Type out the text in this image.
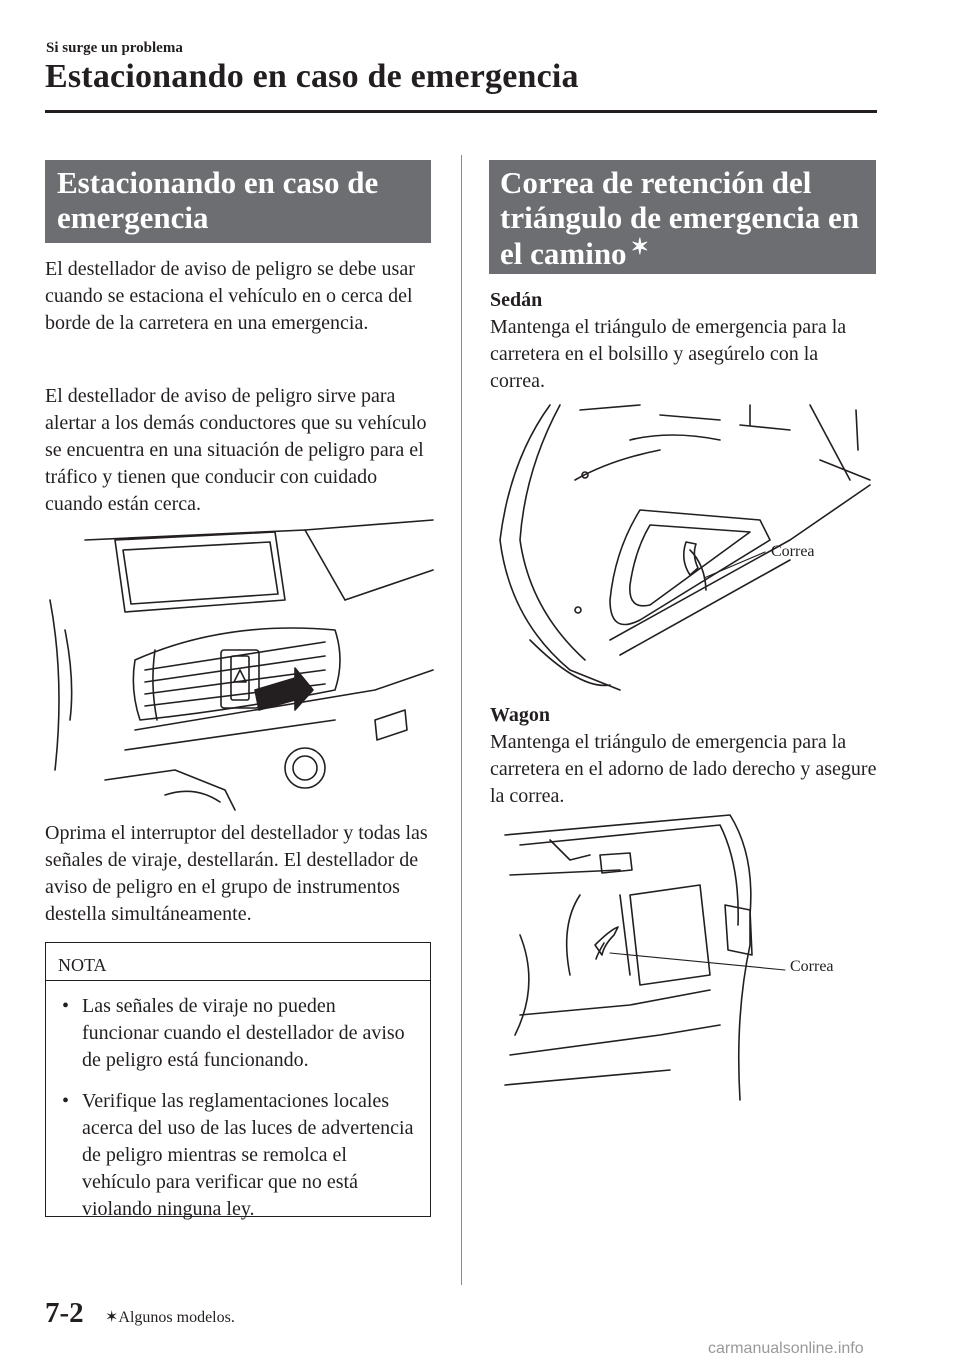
Si surge un problema
Estacionando en caso de emergencia
Estacionando en caso de emergencia

El destellador de aviso de peligro se debe usar cuando se estaciona el vehículo en o cerca del borde de la carretera en una emergencia.

El destellador de aviso de peligro sirve para alertar a los demás conductores que su vehículo se encuentra en una situación de peligro para el tráfico y tienen que conducir con cuidado cuando están cerca.

Oprima el interruptor del destellador y todas las señales de viraje, destellarán. El destellador de aviso de peligro en el grupo de instrumentos destella simultáneamente.

NOTA
• Las señales de viraje no pueden funcionar cuando el destellador de aviso de peligro está funcionando.
• Verifique las reglamentaciones locales acerca del uso de las luces de advertencia de peligro mientras se remolca el vehículo para verificar que no está violando ninguna ley.
Correa de retención del triángulo de emergencia en el camino ✶

Sedán

Mantenga el triángulo de emergencia para la carretera en el bolsillo y asegúrelo con la correa.

Correa

Wagon

Mantenga el triángulo de emergencia para la carretera en el adorno de lado derecho y asegure la correa.

Correa
7-2 ✶Algunos modelos.
carmanualsonline.info
